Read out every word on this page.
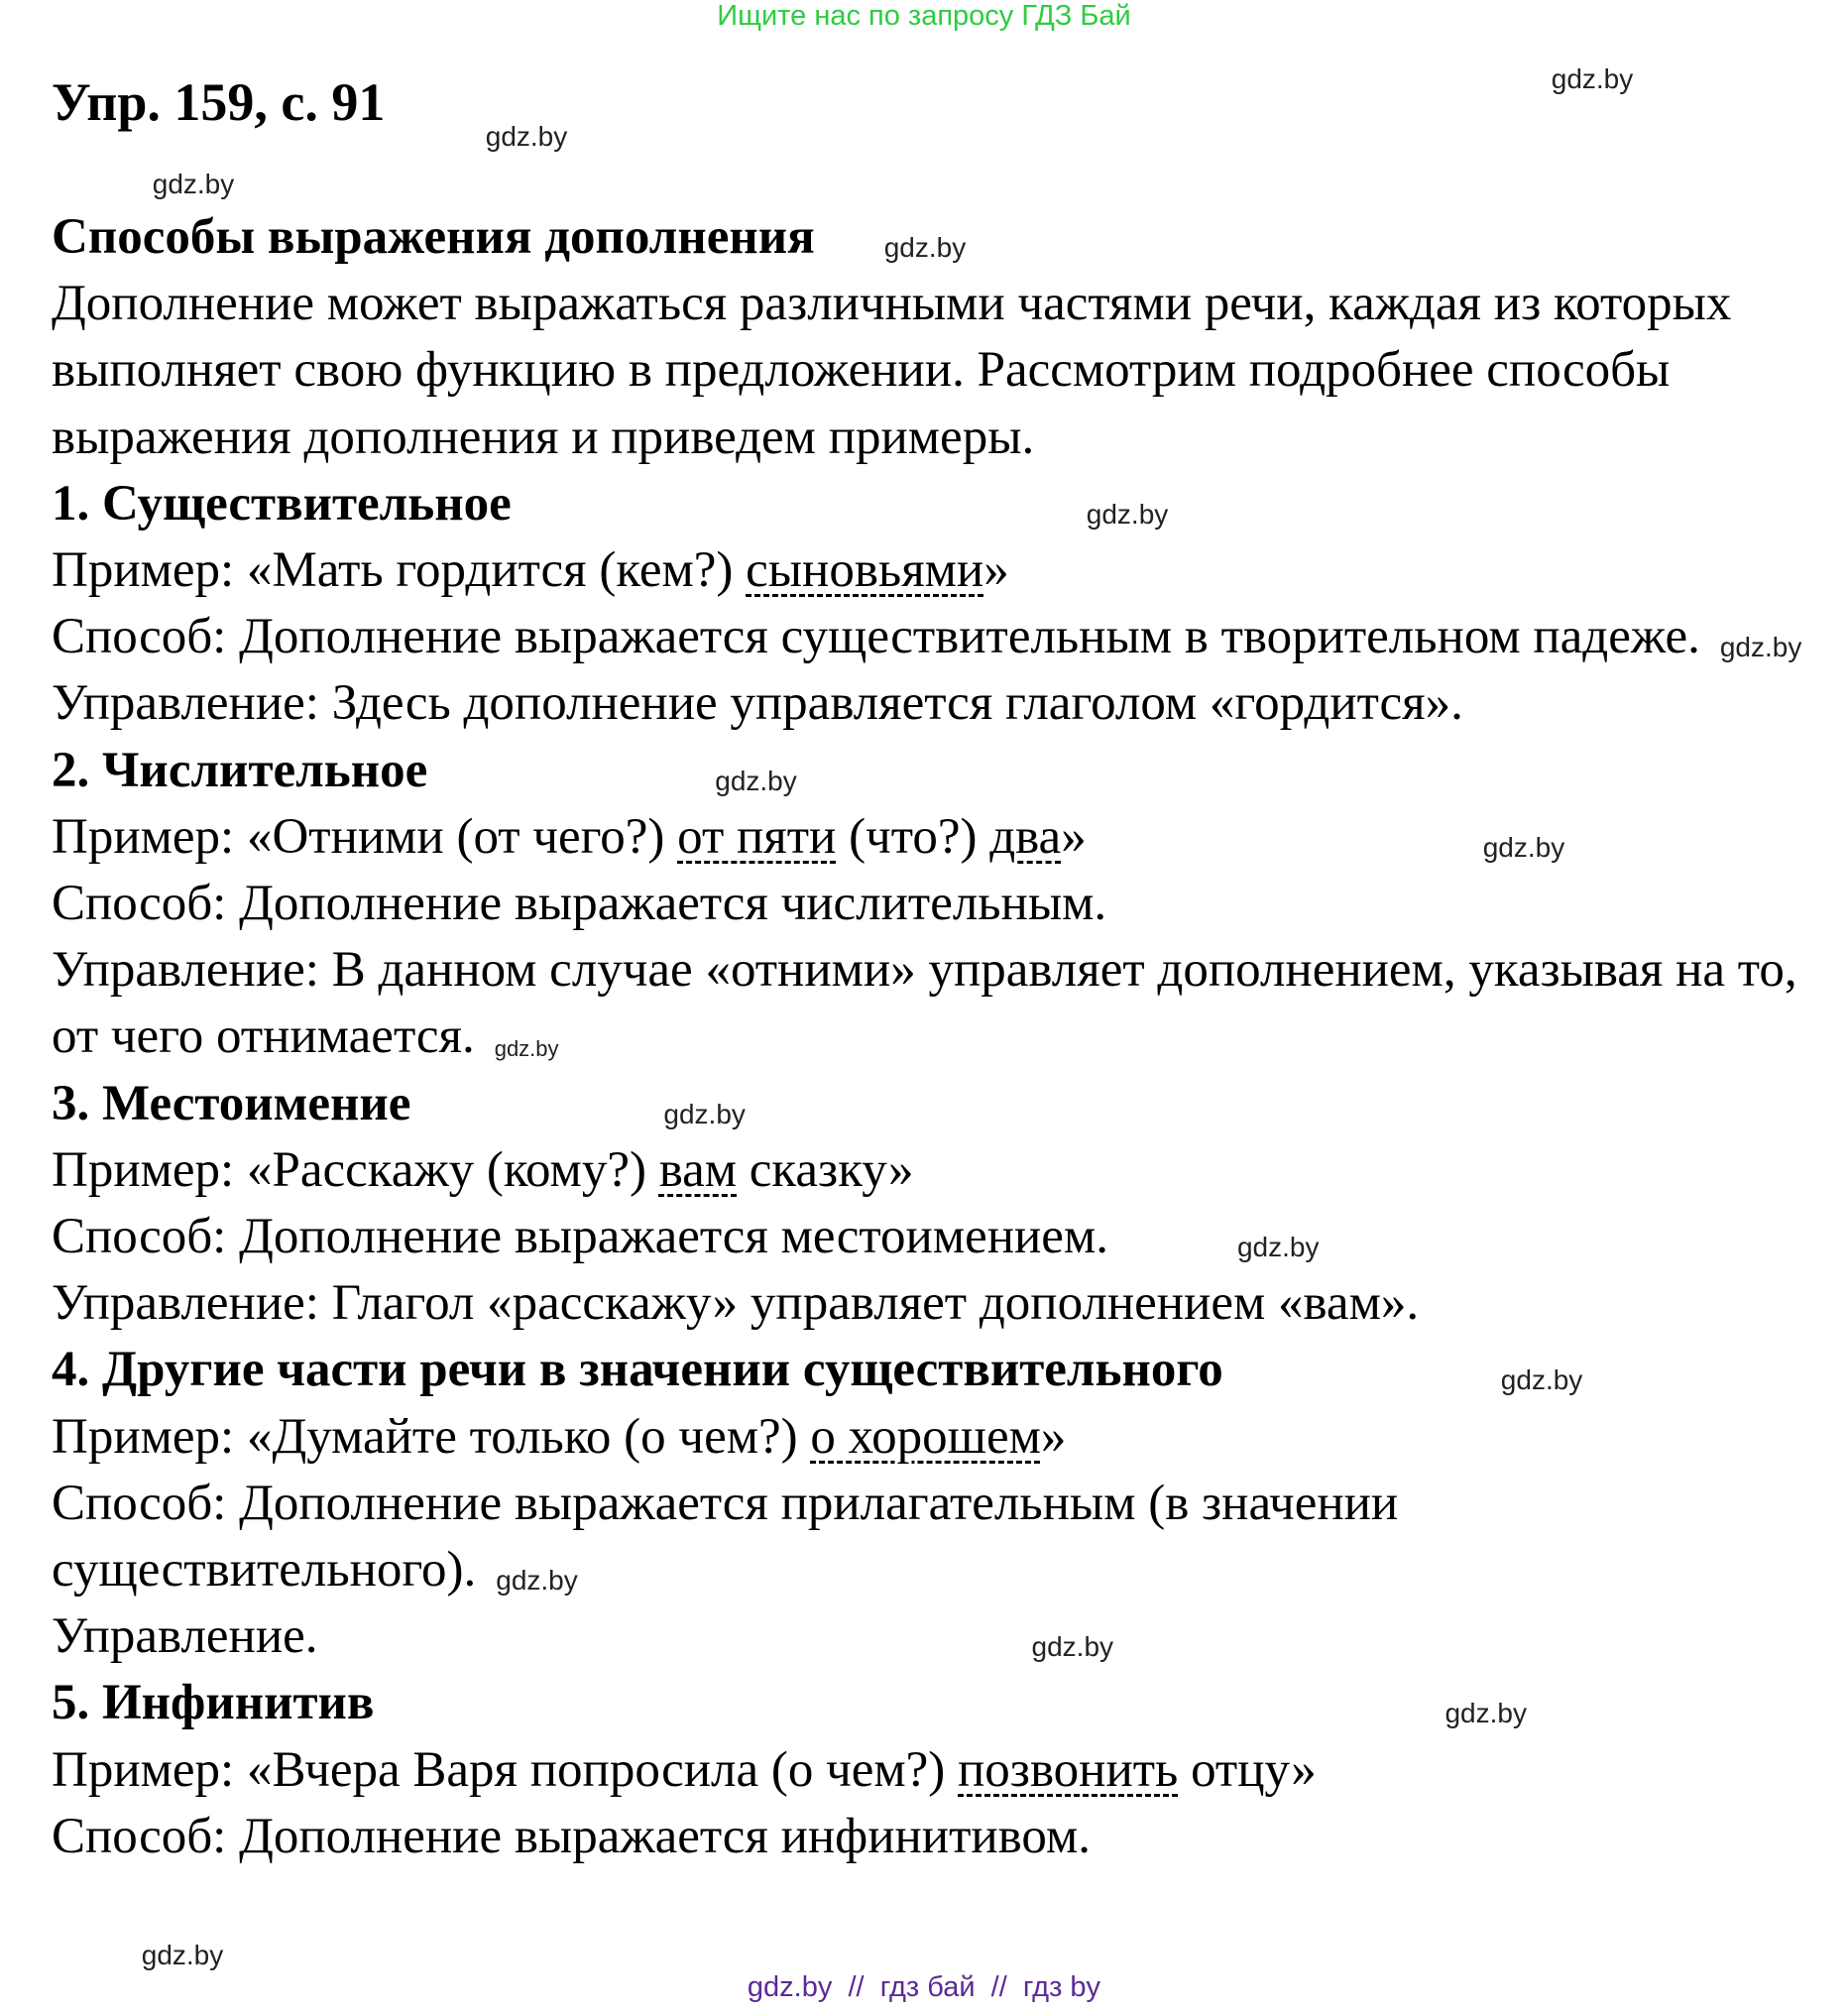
Ищите нас по запросу ГДЗ Бай
Упр. 159, с. 91

Способы выражения дополнения	gdz.by

Дополнение может выражаться различными частями речи, каждая из которых выполняет свою функцию в предложении. Рассмотрим подробнее способы выражения дополнения и приведем примеры.

1. Существительное	gdz.by

Пример: «Мать гордится (кем?) сыновьями»

Способ: Дополнение выражается существительным в творительном падеже. gdz.by

Управление: Здесь дополнение управляется глаголом «гордится».

2. Числительное	gdz.by

Пример: «Отними (от чего?) от пяти (что?) два»	gdz.by

Способ: Дополнение выражается числительным.

Управление: В данном случае «отними» управляет дополнением, указывая на то, от чего отнимается. gdz.by

3. Местоимение	gdz.by

Пример: «Расскажу (кому?) вам сказку»

Способ: Дополнение выражается местоимением.	gdz.by

Управление: Глагол «расскажу» управляет дополнением «вам».

4. Другие части речи в значении существительного	gdz.by

Пример: «Думайте только (о чем?) о хорошем»

Способ: Дополнение выражается прилагательным (в значении существительного). gdz.by

Управление.	gdz.by

5. Инфинитив	gdz.by

Пример: «Вчера Варя попросила (о чем?) позвонить отцу»

Способ: Дополнение выражается инфинитивом.

gdz.by
gdz.by
gdz.by
gdz.by
gdz.by  //  гдз бай  //  гдз by
